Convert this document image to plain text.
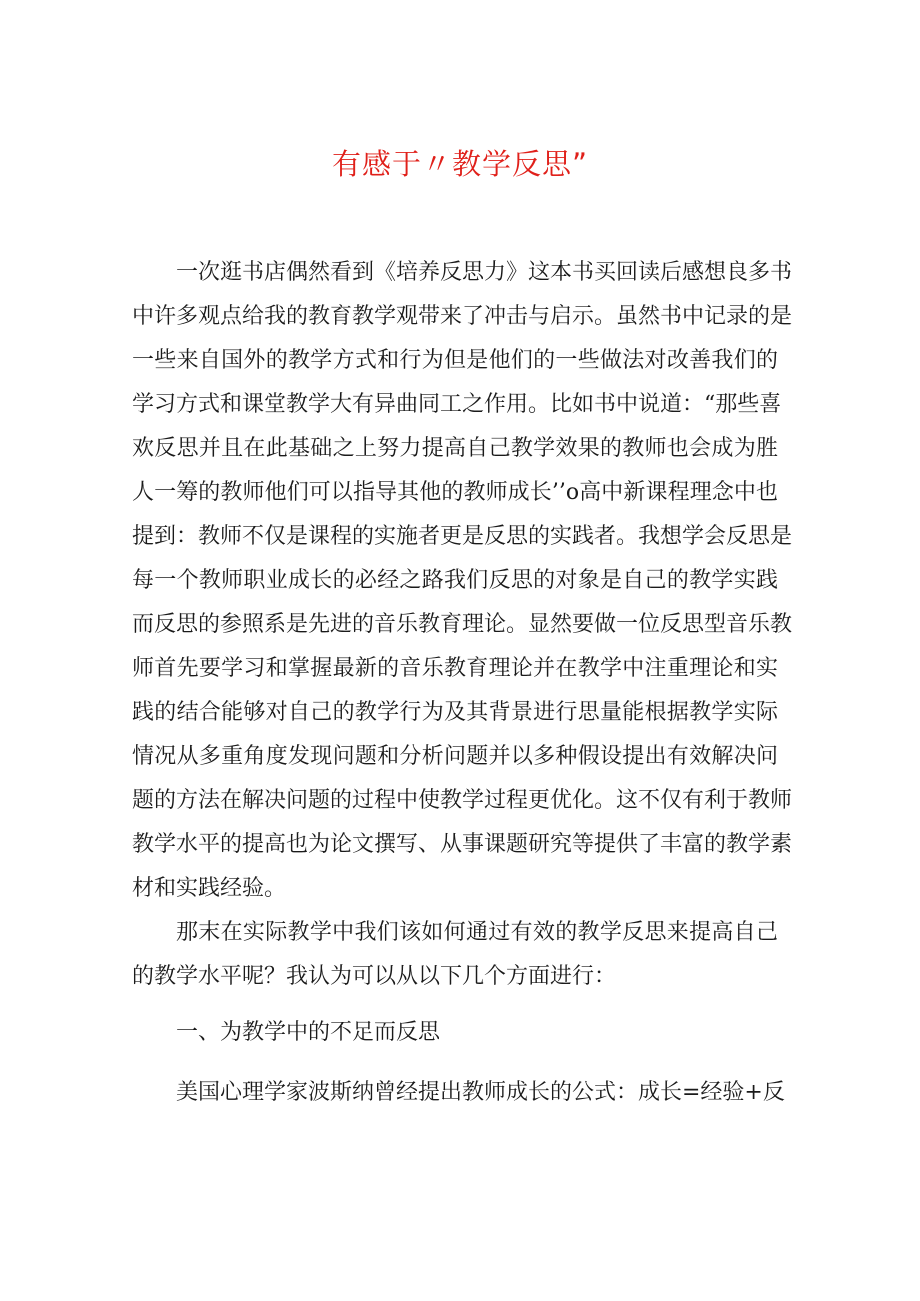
有感于〃教学反思”

一次逛书店偶然看到《培养反思力》这本书买回读后感想良多书

中许多观点给我的教育教学观带来了冲击与启示。虽然书中记录的是

一些来自国外的教学方式和行为但是他们的一些做法对改善我们的

学习方式和课堂教学大有异曲同工之作用。比如书中说道：“那些喜

欢反思并且在此基础之上努力提高自己教学效果的教师也会成为胜

人一筹的教师他们可以指导其他的教师成长’’o高中新课程理念中也

提到：教师不仅是课程的实施者更是反思的实践者。我想学会反思是

每一个教师职业成长的必经之路我们反思的对象是自己的教学实践

而反思的参照系是先进的音乐教育理论。显然要做一位反思型音乐教

师首先要学习和掌握最新的音乐教育理论并在教学中注重理论和实

践的结合能够对自己的教学行为及其背景进行思量能根据教学实际

情况从多重角度发现问题和分析问题并以多种假设提出有效解决问

题的方法在解决问题的过程中使教学过程更优化。这不仅有利于教师

教学水平的提高也为论文撰写、从事课题研究等提供了丰富的教学素

材和实践经验。

那末在实际教学中我们该如何通过有效的教学反思来提高自己

的教学水平呢？我认为可以从以下几个方面进行：

一、为教学中的不足而反思

美国心理学家波斯纳曾经提出教师成长的公式：成长=经验+反
